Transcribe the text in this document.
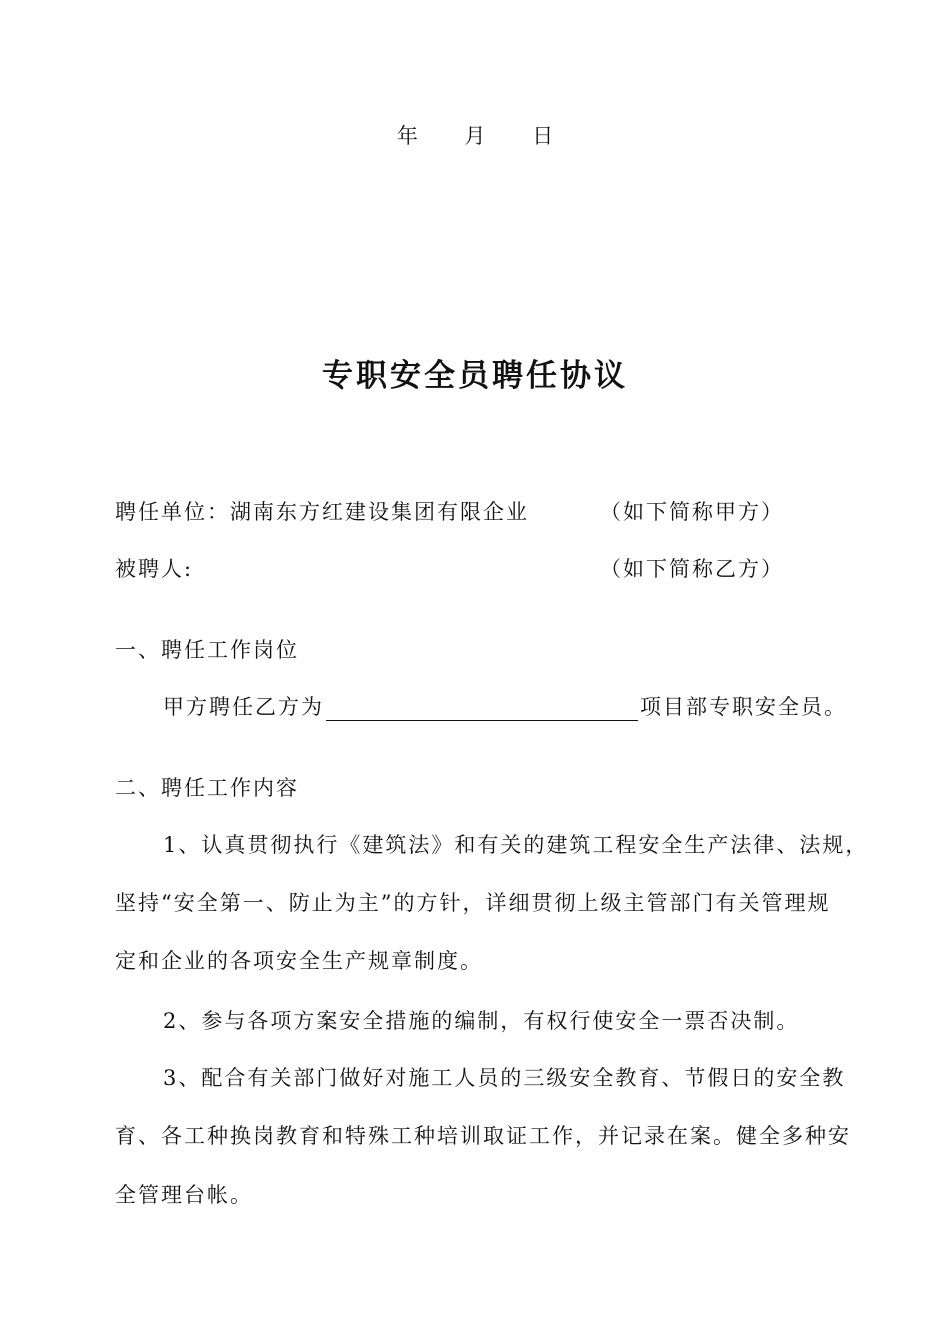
年 月 日
专职安全员聘任协议
聘任单位：湖南东方红建设集团有限企业	（如下简称甲方）
被聘人:	（如下简称乙方）
一、聘任工作岗位
甲方聘任乙方为	项目部专职安全员。
二、聘任工作内容
1、认真贯彻执行《建筑法》和有关的建筑工程安全生产法律、法规，
坚持“安全第一、防止为主”的方针，详细贯彻上级主管部门有关管理规
定和企业的各项安全生产规章制度。
2、参与各项方案安全措施的编制，有权行使安全一票否决制。
3、配合有关部门做好对施工人员的三级安全教育、节假日的安全教
育、各工种换岗教育和特殊工种培训取证工作，并记录在案。健全多种安
全管理台帐。
